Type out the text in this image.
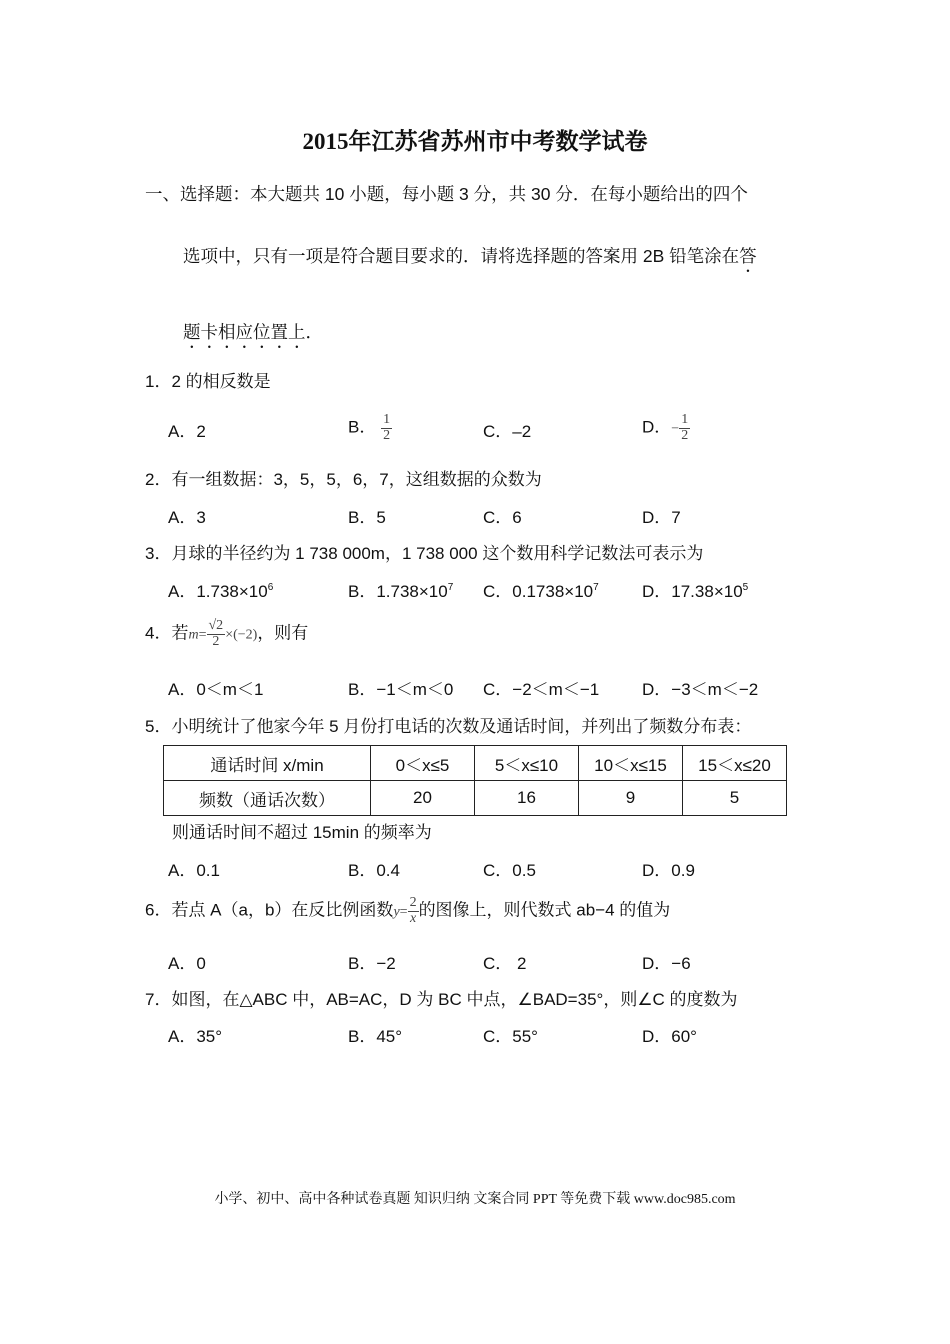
2015年江苏省苏州市中考数学试卷
一、选择题：本大题共 10 小题，每小题 3 分，共 30 分．在每小题给出的四个
选项中，只有一项是符合题目要求的．请将选择题的答案用 2B 铅笔涂在答
题卡相应位置上．
1．2 的相反数是
A．2	B． $\frac{1}{2}$	C．–2	D．− $\frac{1}{2}$
2．有一组数据：3，5，5，6，7，这组数据的众数为
A．3	B．5	C．6	D．7
3．月球的半径约为 1 738 000m，1 738 000 这个数用科学记数法可表示为
A．$1.738\times 10^6$	B．$1.738\times 10^7$ C．$0.1738\times 10^7$	D．$17.38\times 10^5$
4．若$m= \frac{√2}{2} \times(-2)$，则有
A．0＜m＜1	B．−1＜m＜0 C．−2＜m＜−1	D．−3＜m＜−2
5．小明统计了他家今年 5 月份打电话的次数及通话时间，并列出了频数分布表：
通话时间 x/min	0＜x≤5	5＜x≤10	10＜x≤15	15＜x≤20
频数（通话次数）	20	16	9	5
则通话时间不超过 15min 的频率为
A．0.1	B．0.4	C．0.5	D．0.9
6．若点 A（a，b）在反比例函数$y= \frac{2}{x}$ 的图像上，则代数式 ab−4 的值为
A．0	B．−2	C． 2	D．−6
7．如图，在△ABC 中，AB=AC，D 为 BC 中点，∠BAD=35°，则∠C 的度数为
A．35°	B．45°	C．55°	D．60°
小学、初中、高中各种试卷真题 知识归纳 文案合同 PPT 等免费下载 www.doc985.com
